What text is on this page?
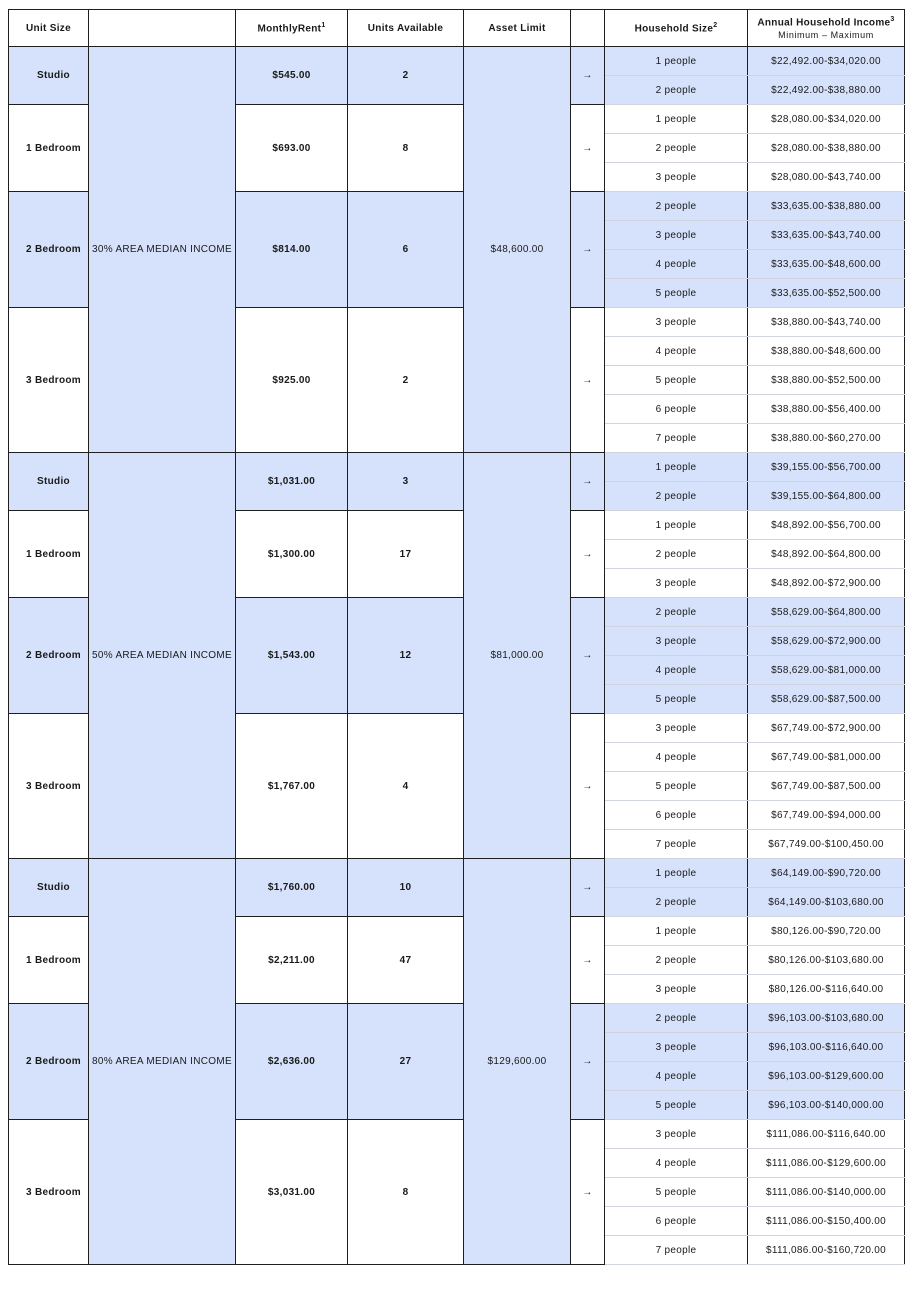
Unit Size		MonthlyRent$^1$	Units Available	Asset Limit		Household Size$^2$	Annual Household Income$^3$
Minimum – Maximum

Studio	30% AREA MEDIAN INCOME	$545.00	2	$48,600.00	→	1 people	$22,492.00-$34,020.00
						2 people	$22,492.00-$38,880.00
1 Bedroom		$693.00	8		→	1 people	$28,080.00-$34,020.00
						2 people	$28,080.00-$38,880.00
						3 people	$28,080.00-$43,740.00
2 Bedroom		$814.00	6		→	2 people	$33,635.00-$38,880.00
						3 people	$33,635.00-$43,740.00
						4 people	$33,635.00-$48,600.00
						5 people	$33,635.00-$52,500.00
3 Bedroom		$925.00	2		→	3 people	$38,880.00-$43,740.00
						4 people	$38,880.00-$48,600.00
						5 people	$38,880.00-$52,500.00
						6 people	$38,880.00-$56,400.00
						7 people	$38,880.00-$60,270.00
Studio	50% AREA MEDIAN INCOME	$1,031.00	3	$81,000.00	→	1 people	$39,155.00-$56,700.00
						2 people	$39,155.00-$64,800.00
1 Bedroom		$1,300.00	17		→	1 people	$48,892.00-$56,700.00
						2 people	$48,892.00-$64,800.00
						3 people	$48,892.00-$72,900.00
2 Bedroom		$1,543.00	12		→	2 people	$58,629.00-$64,800.00
						3 people	$58,629.00-$72,900.00
						4 people	$58,629.00-$81,000.00
						5 people	$58,629.00-$87,500.00
3 Bedroom		$1,767.00	4		→	3 people	$67,749.00-$72,900.00
						4 people	$67,749.00-$81,000.00
						5 people	$67,749.00-$87,500.00
						6 people	$67,749.00-$94,000.00
						7 people	$67,749.00-$100,450.00
Studio	80% AREA MEDIAN INCOME	$1,760.00	10	$129,600.00	→	1 people	$64,149.00-$90,720.00
						2 people	$64,149.00-$103,680.00
1 Bedroom		$2,211.00	47		→	1 people	$80,126.00-$90,720.00
						2 people	$80,126.00-$103,680.00
						3 people	$80,126.00-$116,640.00
2 Bedroom		$2,636.00	27		→	2 people	$96,103.00-$103,680.00
						3 people	$96,103.00-$116,640.00
						4 people	$96,103.00-$129,600.00
						5 people	$96,103.00-$140,000.00
3 Bedroom		$3,031.00	8		→	3 people	$111,086.00-$116,640.00
						4 people	$111,086.00-$129,600.00
						5 people	$111,086.00-$140,000.00
						6 people	$111,086.00-$150,400.00
						7 people	$111,086.00-$160,720.00
